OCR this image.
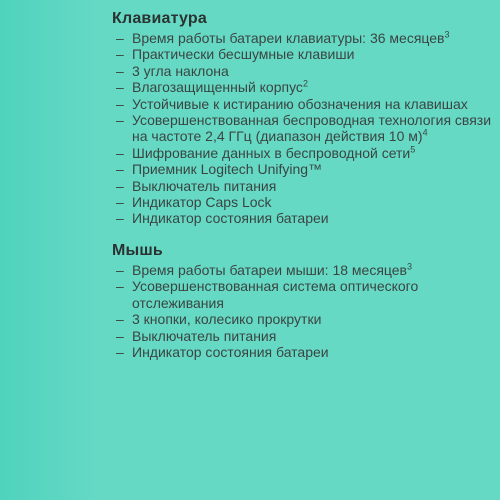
Клавиатура
– Время работы батареи клавиатуры: 36 месяцев$^3$
– Практически бесшумные клавиши
– 3 угла наклона
– Влагозащищенный корпус$^2$
– Устойчивые к истиранию обозначения на клавишах
– Усовершенствованная беспроводная технология связи на частоте 2,4 ГГц (диапазон действия 10 м)$^4$
– Шифрование данных в беспроводной сети$^5$
– Приемник Logitech Unifying™
– Выключатель питания
– Индикатор Caps Lock
– Индикатор состояния батареи
Мышь
– Время работы батареи мыши: 18 месяцев$^3$
– Усовершенствованная система оптического отслеживания
– 3 кнопки, колесико прокрутки
– Выключатель питания
– Индикатор состояния батареи
